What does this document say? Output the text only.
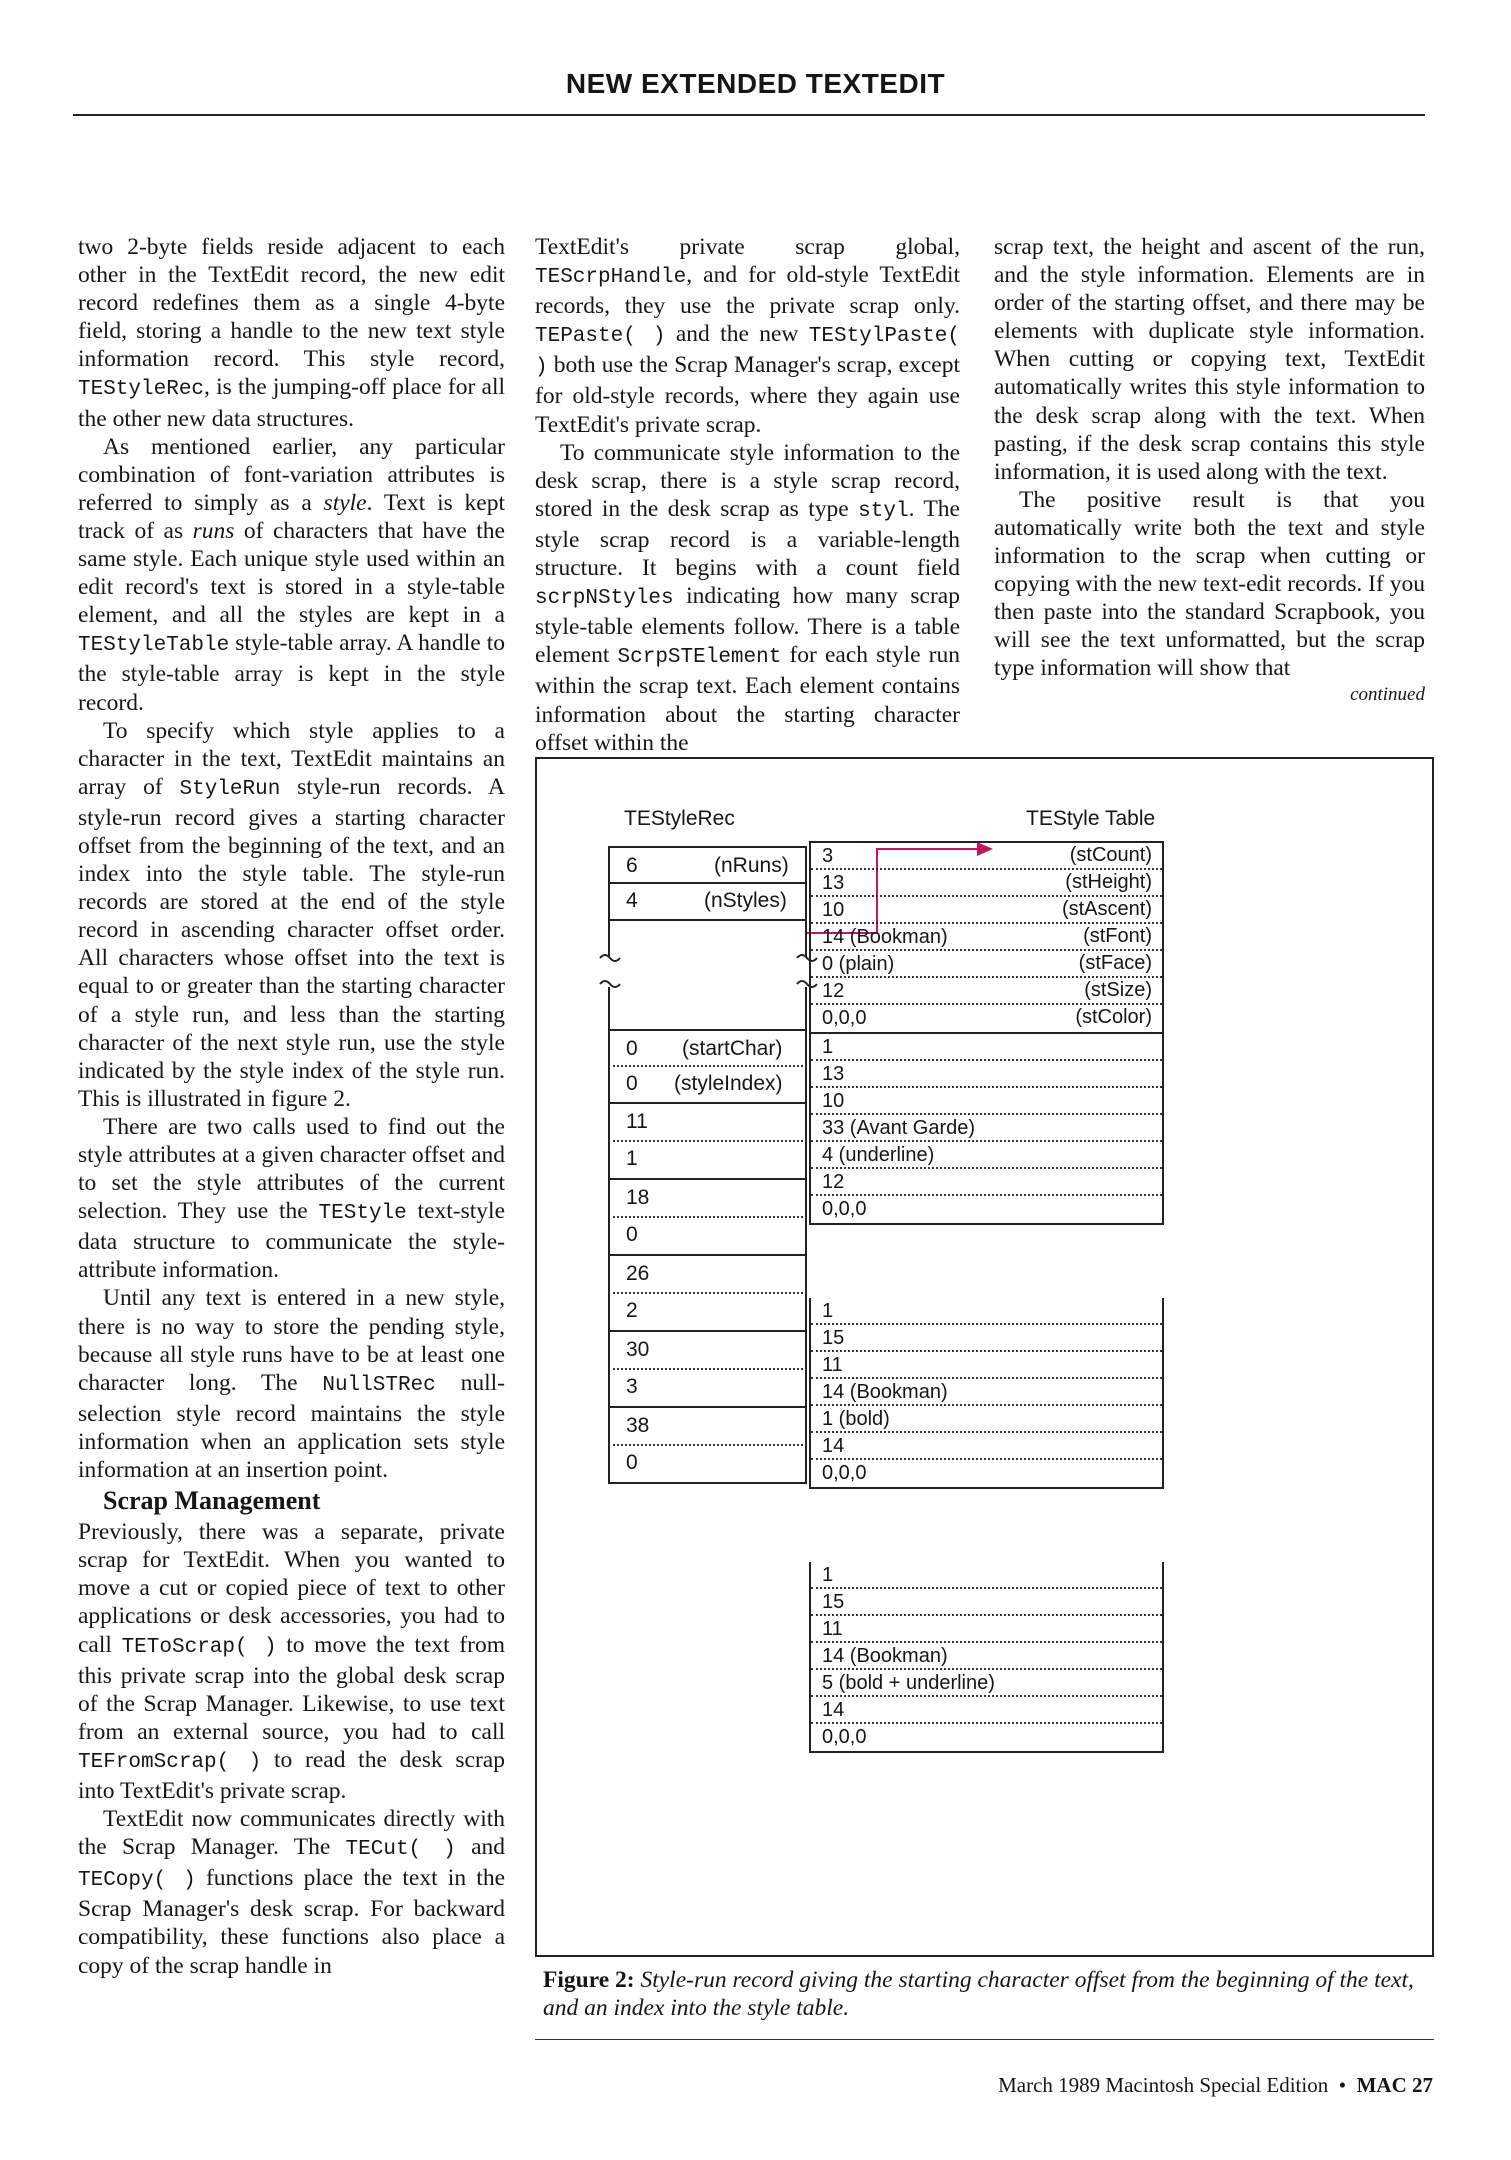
NEW EXTENDED TEXTEDIT

two 2-byte fields reside adjacent to each other in the TextEdit record, the new edit record redefines them as a single 4-byte field, storing a handle to the new text style information record. This style record, TEStyleRec, is the jumping-off place for all the other new data structures.

As mentioned earlier, any particular combination of font-variation attributes is referred to simply as a style. Text is kept track of as runs of characters that have the same style. Each unique style used within an edit record's text is stored in a style-table element, and all the styles are kept in a TEStyleTable style-table array. A handle to the style-table array is kept in the style record.

To specify which style applies to a character in the text, TextEdit maintains an array of StyleRun style-run records. A style-run record gives a starting character offset from the beginning of the text, and an index into the style table. The style-run records are stored at the end of the style record in ascending character offset order. All characters whose offset into the text is equal to or greater than the starting character of a style run, and less than the starting character of the next style run, use the style indicated by the style index of the style run. This is illustrated in figure 2.

There are two calls used to find out the style attributes at a given character offset and to set the style attributes of the current selection. They use the TEStyle text-style data structure to communicate the style-attribute information.

Until any text is entered in a new style, there is no way to store the pending style, because all style runs have to be at least one character long. The NullSTRec null-selection style record maintains the style information when an application sets style information at an insertion point.

Scrap Management

Previously, there was a separate, private scrap for TextEdit. When you wanted to move a cut or copied piece of text to other applications or desk accessories, you had to call TEToScrap( ) to move the text from this private scrap into the global desk scrap of the Scrap Manager. Likewise, to use text from an external source, you had to call TEFromScrap( ) to read the desk scrap into TextEdit's private scrap.

TextEdit now communicates directly with the Scrap Manager. The TECut( ) and TECopy( ) functions place the text in the Scrap Manager's desk scrap. For backward compatibility, these functions also place a copy of the scrap handle in

TextEdit's private scrap global, TEScrpHandle, and for old-style TextEdit records, they use the private scrap only. TEPaste( ) and the new TEStylPaste( ) both use the Scrap Manager's scrap, except for old-style records, where they again use TextEdit's private scrap.

To communicate style information to the desk scrap, there is a style scrap record, stored in the desk scrap as type styl. The style scrap record is a variable-length structure. It begins with a count field scrpNStyles indicating how many scrap style-table elements follow. There is a table element ScrpSTElement for each style run within the scrap text. Each element contains information about the starting character offset within the

scrap text, the height and ascent of the run, and the style information. Elements are in order of the starting offset, and there may be elements with duplicate style information. When cutting or copying text, TextEdit automatically writes this style information to the desk scrap along with the text. When pasting, if the desk scrap contains this style information, it is used along with the text.

The positive result is that you automatically write both the text and style information to the scrap when cutting or copying with the new text-edit records. If you then paste into the standard Scrapbook, you will see the text unformatted, but the scrap type information will show that

continued
TEStyleRec	TEStyle Table
6	(nRuns)
4	(nStyles)
0 (startChar)
0 (styleIndex)
11
1
18
0
26
2
30
3
38
0
3	(stCount)
13	(stHeight)
10	(stAscent)
14 (Bookman)	(stFont)
0 (plain)	(stFace)
12	(stSize)
0,0,0	(stColor)
1
13
10
33 (Avant Garde)
4 (underline)
12
0,0,0
1
15
11
14 (Bookman)
1 (bold)
14
0,0,0
1
15
11
14 (Bookman)
5 (bold + underline)
14
0,0,0
Figure 2: Style-run record giving the starting character offset from the beginning of the text, and an index into the style table.
March 1989 Macintosh Special Edition • MAC 27
